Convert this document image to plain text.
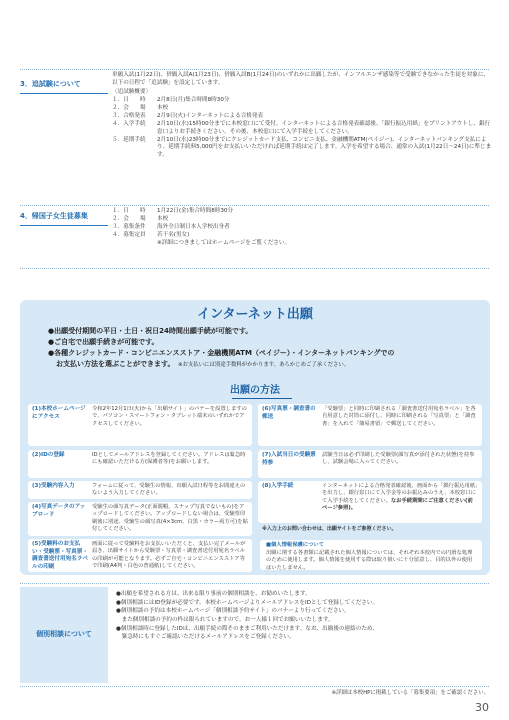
3．追試験について

単願入試(1月22日)、併願入試A(1月23日)、併願入試B(1月24日)のいずれかに出願したが、インフルエンザ感染等で受験できなかった生徒を対象に、以下の日程で「追試験」を設定しています。

〈追試験概要〉

１．日　　時	2月8日(月)集合時間8時30分
２．会　　場	本校
３．合格発表	2月9日(火)インターネットによる合格発表
４．入学手続	2月10日(水)15時00分までに本校窓口にて受付。インターネットによる合格発表確認後、「銀行振込用紙」をプリントアウトし、銀行窓口よりお手続きください。その後、本校窓口にて入学手続をしてください。
５．延期手続	2月10日(水)23時00分までにクレジットカード支払、コンビニ支払、金融機関ATM(ペイジー)、インターネットバンキング支払により、延期手続料5,000円をお支払いいただければ延期手続は完了します。入学を希望する場合、通常の入試(1月22日〜24日)に準じます。
4．帰国子女生徒募集
１．日　　時	1月22日(金)集合時間8時30分
２．会　　場	本校
３．募集条件	海外全日制日本人学校出身者
４．募集定員	若干名(男女)

※詳細につきましてはホームページをご覧ください。

インターネット出願
●出願受付期間の平日・土日・祝日24時間出願手続が可能です。
●ご自宅で出願手続きが可能です。
●各種クレジットカード・コンビニエンスストア・金融機関ATM（ペイジー）・インターネットバンキングでの
お支払い方法を選ぶことができます。　 ※お支払いには別途手数料がかかります。あらかじめご了承ください。
出願の方法
(1)本校ホームページにアクセス
令和2年12月1日(火)から「出願サイト」のバナーを設置しますので、パソコン・スマートフォン・タブレット端末のいずれかでアクセスしてください。
(2)IDの登録	IDとしてメールアドレスを登録してください。アドレスは緊急時にも確認いただける方(保護者等)をお願いします。
(3)受験内容入力	フォームに従って、受験生の情報、出願入試日程等をお間違えのないよう入力してください。
(4)写真データのアップロード
受験生の顔写真データ(正面脱帽、スナップ写真でないもの)をアップロードしてください。アップロードしない場合は、受験票印刷後に別途、受験生の顔写真(4×3cm、白黒・カラー両方可)を貼付してください。
(5)受験料のお支払い・受験票・写真票・調査書送付用宛名ラベルの印刷
画面に従って受験料をお支払いいただくと、支払い完了メールが届き、出願サイトから受験票・写真票・調査書送付用宛名ラベルの印刷が可能となります。必ずご自宅・コンビニエンスストア等で印刷(A4判・白色の普通紙)してください。
(6)写真票・調査書の郵送
「受験票」と同時に印刷される「調査書送付用宛名ラベル」を各自用意した封筒に添付し、同時に印刷される「写真票」と「調査書」を入れて「簡易書留」で郵送してください。
(7)入試当日の受験票持参
試験当日は必ず印刷した受験票(顔写真が添付された状態)を持参し、試験会場に入ってください。
(8)入学手続	インターネットによる合格発表確認後、画面から「銀行振込用紙」を出力し、銀行窓口にて入学金等のお振込みのうえ、本校窓口にて入学手続をしてください。なお手続期間にご注意ください(前ページ参照)。
※入力上のお問い合わせは、出願サイトをご参照ください。
■個人情報保護について
出願に関する各書類に記載された個人情報については、それぞれ本校内での円滑な処理のために使用します。個人情報を使用する際は取り扱いに十分留意し、目的以外の使用はいたしません。
個別相談について
●出願を希望される方は、出来る限り事前の個別相談を、お勧めいたします。
●個別相談にはID登録が必要です。本校ホームページよりメールアドレスをIDとして登録してください。
●個別相談の予約は本校ホームページ「個別相談予約サイト」のバナーより行ってください。
　また個別相談の予約の枠は限られていますので、お一人様１回でお願いいたします。
●個別相談時に登録したIDは、出願手続の際そのままご利用いただけます。なお、出願後の連絡のため、
　緊急時にもすぐご確認いただけるメールアドレスをご登録ください。
※詳細は本校HPに掲載している「募集要項」をご確認ください。
30
